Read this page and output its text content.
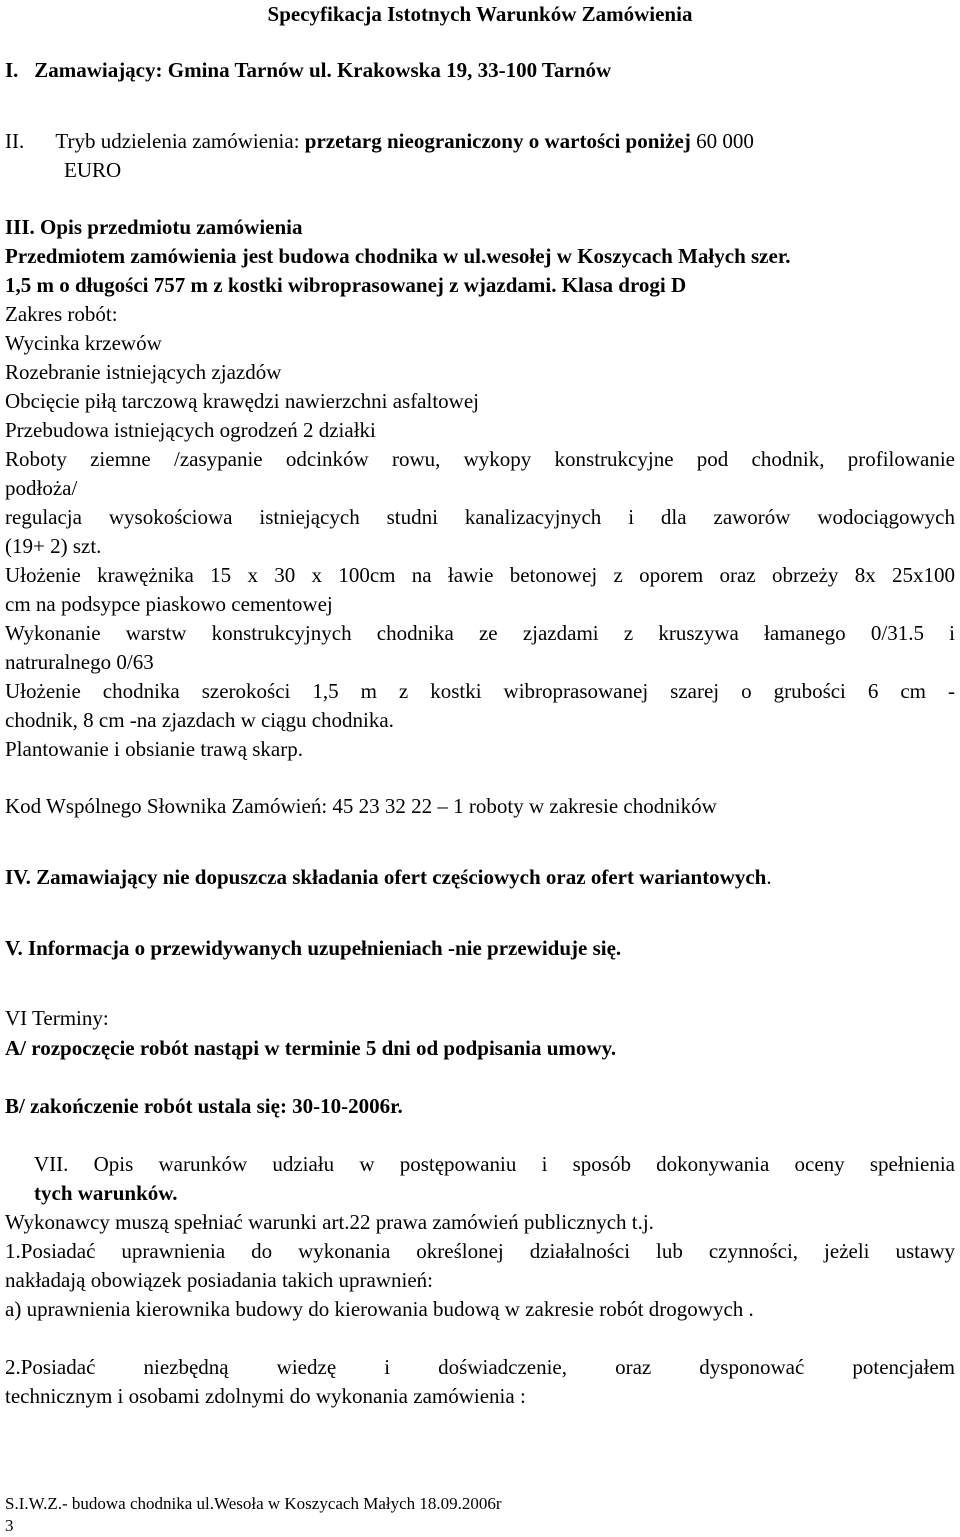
Specyfikacja Istotnych Warunków Zamówienia
I. Zamawiający: Gmina Tarnów ul. Krakowska 19, 33-100 Tarnów
II. Tryb udzielenia zamówienia: przetarg nieograniczony o wartości poniżej 60 000
EURO
III. Opis przedmiotu zamówienia
Przedmiotem zamówienia jest budowa chodnika w ul.wesołej w Koszycach Małych szer.
1,5 m o długości 757 m z kostki wibroprasowanej z wjazdami. Klasa drogi D
Zakres robót:
Wycinka krzewów
Rozebranie istniejących zjazdów
Obcięcie piłą tarczową krawędzi nawierzchni asfaltowej
Przebudowa istniejących ogrodzeń 2 działki
Roboty ziemne /zasypanie odcinków rowu, wykopy konstrukcyjne pod chodnik, profilowanie
podłoża/
regulacja wysokościowa istniejących studni kanalizacyjnych i dla zaworów wodociągowych
(19+ 2) szt.
Ułożenie krawężnika 15 x 30 x 100cm na ławie betonowej z oporem oraz obrzeży 8x 25x100
cm na podsypce piaskowo cementowej
Wykonanie warstw konstrukcyjnych chodnika ze zjazdami z kruszywa łamanego 0/31.5 i
natruralnego 0/63
Ułożenie chodnika szerokości 1,5 m z kostki wibroprasowanej szarej o grubości 6 cm -
chodnik, 8 cm -na zjazdach w ciągu chodnika.
Plantowanie i obsianie trawą skarp.
Kod Wspólnego Słownika Zamówień: 45 23 32 22 – 1 roboty w zakresie chodników
IV. Zamawiający nie dopuszcza składania ofert częściowych oraz ofert wariantowych.
V. Informacja o przewidywanych uzupełnieniach -nie przewiduje się.
VI Terminy:
A/ rozpoczęcie robót nastąpi w terminie 5 dni od podpisania umowy.
B/ zakończenie robót ustala się: 30-10-2006r.
VII. Opis warunków udziału w postępowaniu i sposób dokonywania oceny spełnienia
tych warunków.
Wykonawcy muszą spełniać warunki art.22 prawa zamówień publicznych t.j.
1.Posiadać uprawnienia do wykonania określonej działalności lub czynności, jeżeli ustawy
nakładają obowiązek posiadania takich uprawnień:
a) uprawnienia kierownika budowy do kierowania budową w zakresie robót drogowych .
2.Posiadać niezbędną wiedzę i doświadczenie, oraz dysponować potencjałem
technicznym i osobami zdolnymi do wykonania zamówienia :
S.I.W.Z.- budowa chodnika ul.Wesoła w Koszycach Małych 18.09.2006r
3
